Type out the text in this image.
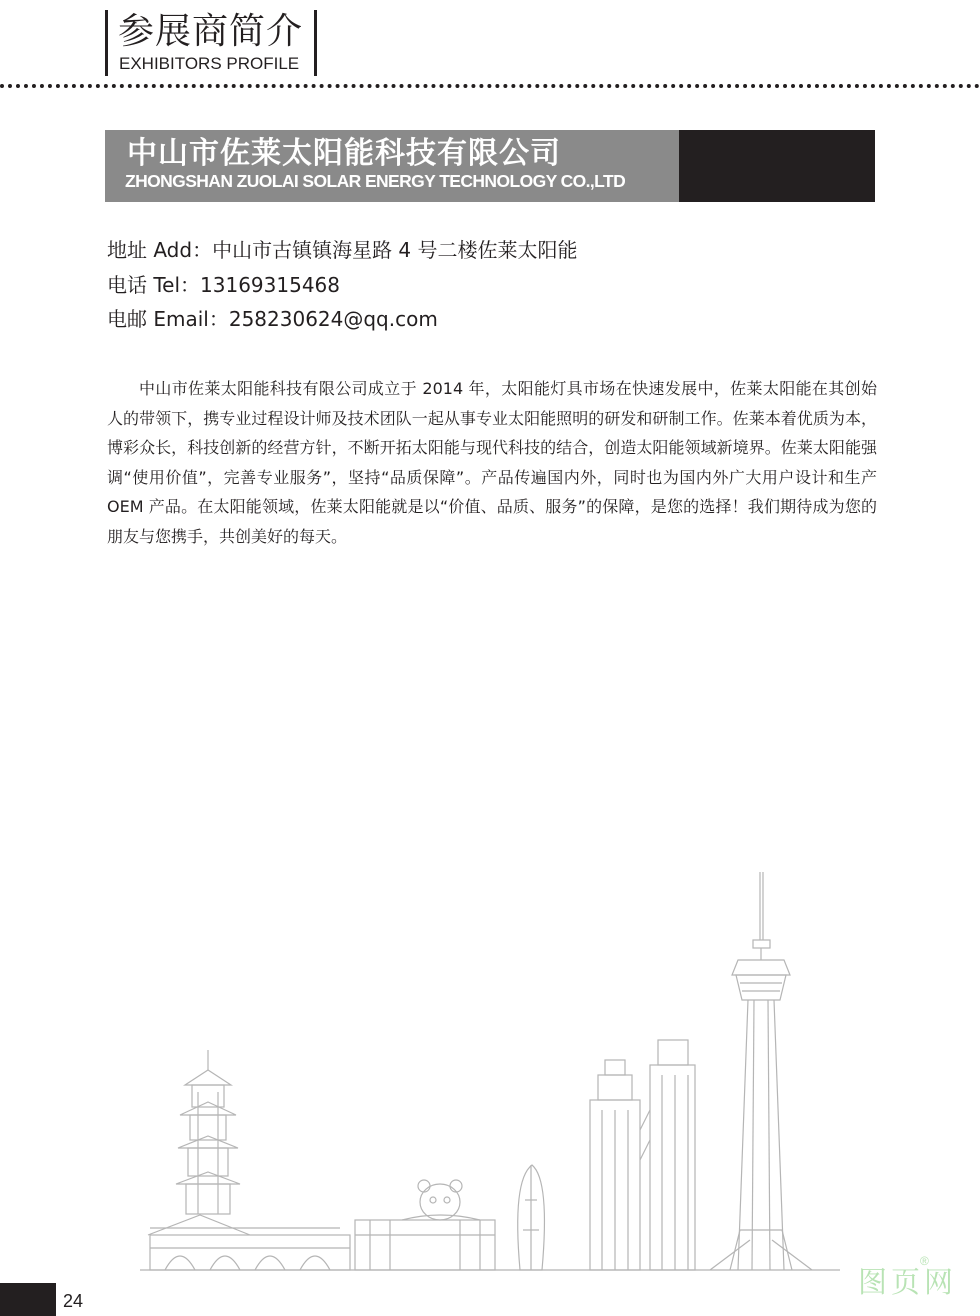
参展商简介
EXHIBITORS PROFILE
中山市佐莱太阳能科技有限公司
ZHONGSHAN ZUOLAI SOLAR ENERGY TECHNOLOGY CO.,LTD
地址 Add：中山市古镇镇海星路 4 号二楼佐莱太阳能
电话 Tel：13169315468
电邮 Email：258230624@qq.com

中山市佐莱太阳能科技有限公司成立于 2014 年，太阳能灯具市场在快速发展中，佐莱太阳能在其创始人的带领下，携专业过程设计师及技术团队一起从事专业太阳能照明的研发和研制工作。佐莱本着优质为本，博彩众长，科技创新的经营方针，不断开拓太阳能与现代科技的结合，创造太阳能领域新境界。佐莱太阳能强调“使用价值”，完善专业服务”，坚持“品质保障”。产品传遍国内外，同时也为国内外广大用户设计和生产 OEM 产品。在太阳能领域，佐莱太阳能就是以“价值、品质、服务”的保障，是您的选择！我们期待成为您的朋友与您携手，共创美好的每天。

24
图页网
®
